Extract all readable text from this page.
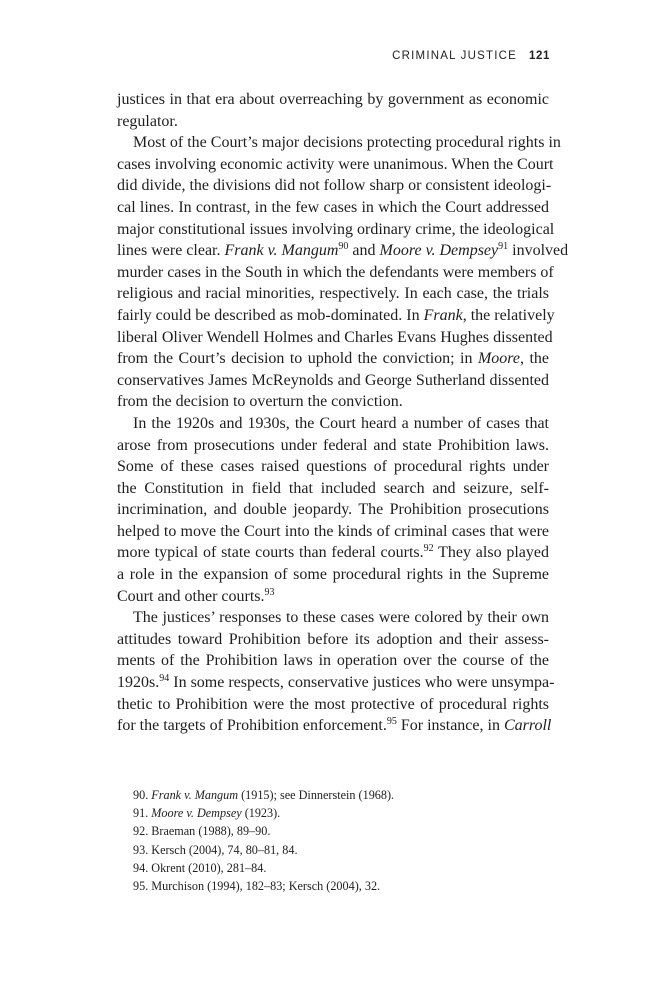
CRIMINAL JUSTICE 121
justices in that era about overreaching by government as economic
regulator.
Most of the Court’s major decisions protecting procedural rights in
cases involving economic activity were unanimous. When the Court
did divide, the divisions did not follow sharp or consistent ideologi-
cal lines. In contrast, in the few cases in which the Court addressed
major constitutional issues involving ordinary crime, the ideological
lines were clear. Frank v. Mangum$^{90}$ and Moore v. Dempsey$^{91}$ involved
murder cases in the South in which the defendants were members of
religious and racial minorities, respectively. In each case, the trials
fairly could be described as mob-dominated. In Frank, the relatively
liberal Oliver Wendell Holmes and Charles Evans Hughes dissented
from the Court’s decision to uphold the conviction; in Moore, the
conservatives James McReynolds and George Sutherland dissented
from the decision to overturn the conviction.
In the 1920s and 1930s, the Court heard a number of cases that
arose from prosecutions under federal and state Prohibition laws.
Some of these cases raised questions of procedural rights under
the Constitution in field that included search and seizure, self-
incrimination, and double jeopardy. The Prohibition prosecutions
helped to move the Court into the kinds of criminal cases that were
more typical of state courts than federal courts.$^{92}$ They also played
a role in the expansion of some procedural rights in the Supreme
Court and other courts.$^{93}$
The justices’ responses to these cases were colored by their own
attitudes toward Prohibition before its adoption and their assess-
ments of the Prohibition laws in operation over the course of the
1920s.$^{94}$ In some respects, conservative justices who were unsympa-
thetic to Prohibition were the most protective of procedural rights
for the targets of Prohibition enforcement.$^{95}$ For instance, in Carroll
90. Frank v. Mangum (1915); see Dinnerstein (1968).
91. Moore v. Dempsey (1923).
92. Braeman (1988), 89–90.
93. Kersch (2004), 74, 80–81, 84.
94. Okrent (2010), 281–84.
95. Murchison (1994), 182–83; Kersch (2004), 32.
